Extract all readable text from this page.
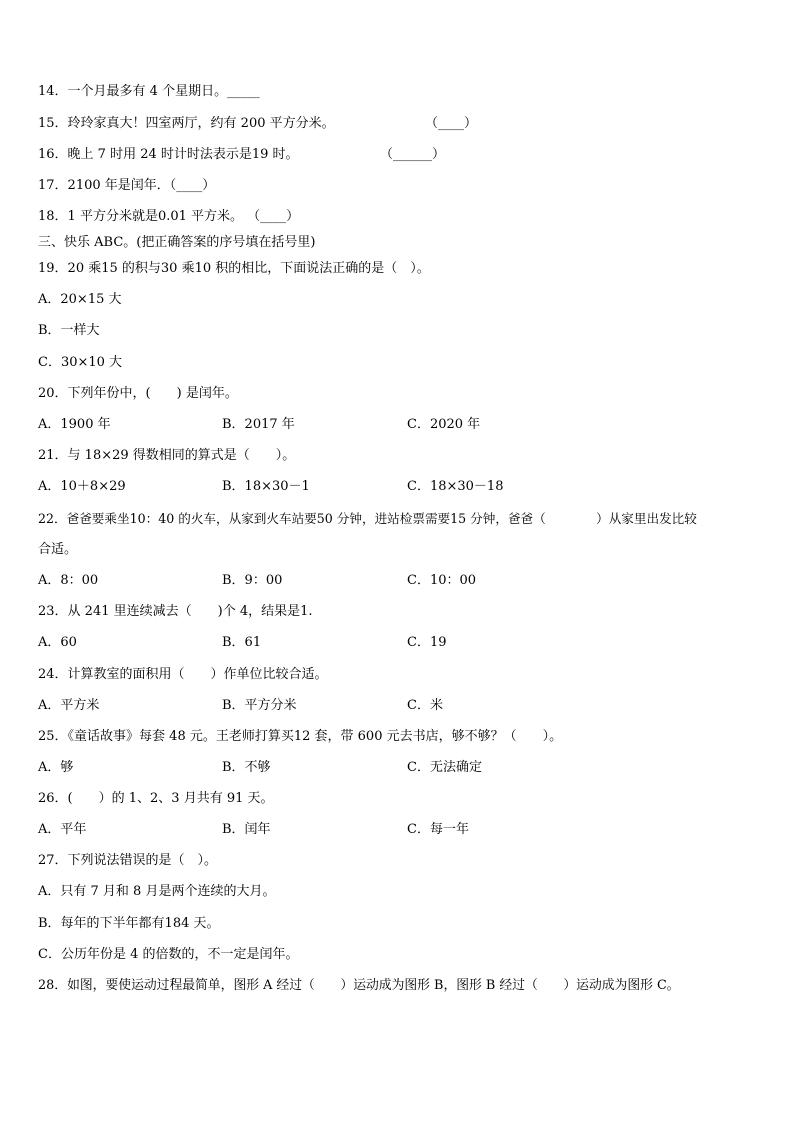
14．一个月最多有 4 个星期日。_____
15．玲玲家真大！四室两厅，约有 200 平方分米。	（____）
16．晚上 7 时用 24 时计时法表示是19 时。	（______）
17．2100 年是闰年．（____）
18．1 平方分米就是0.01 平方米。 （____）
三、快乐 ABC。(把正确答案的序号填在括号里)
19．20 乘15 的积与30 乘10 积的相比，下面说法正确的是（　）。
A．20×15 大
B．一样大
C．30×10 大
20．下列年份中，(　　) 是闰年。
A．1900 年	B．2017 年	C．2020 年
21．与 18×29 得数相同的算式是（　　）。
A．10＋8×29	B．18×30－1	C．18×30－18
22．爸爸要乘坐10：40 的火车，从家到火车站要50 分钟，进站检票需要15 分钟，爸爸（　　　　）从家里出发比较
合适。
A．8：00	B．9：00	C．10：00
23．从 241 里连续减去（　　)个 4，结果是1.
A．60	B．61	C．19
24．计算教室的面积用（　　）作单位比较合适。
A．平方米	B．平方分米	C．米
25．《童话故事》每套 48 元。王老师打算买12 套，带 600 元去书店，够不够？（　　）。
A．够	B．不够	C．无法确定
26．(　　）的 1、2、3 月共有 91 天。
A．平年	B．闰年	C．每一年
27．下列说法错误的是（　）。
A．只有 7 月和 8 月是两个连续的大月。
B．每年的下半年都有184 天。
C．公历年份是 4 的倍数的，不一定是闰年。
28．如图，要使运动过程最简单，图形 A 经过（　　）运动成为图形 B，图形 B 经过（　　）运动成为图形 C。
